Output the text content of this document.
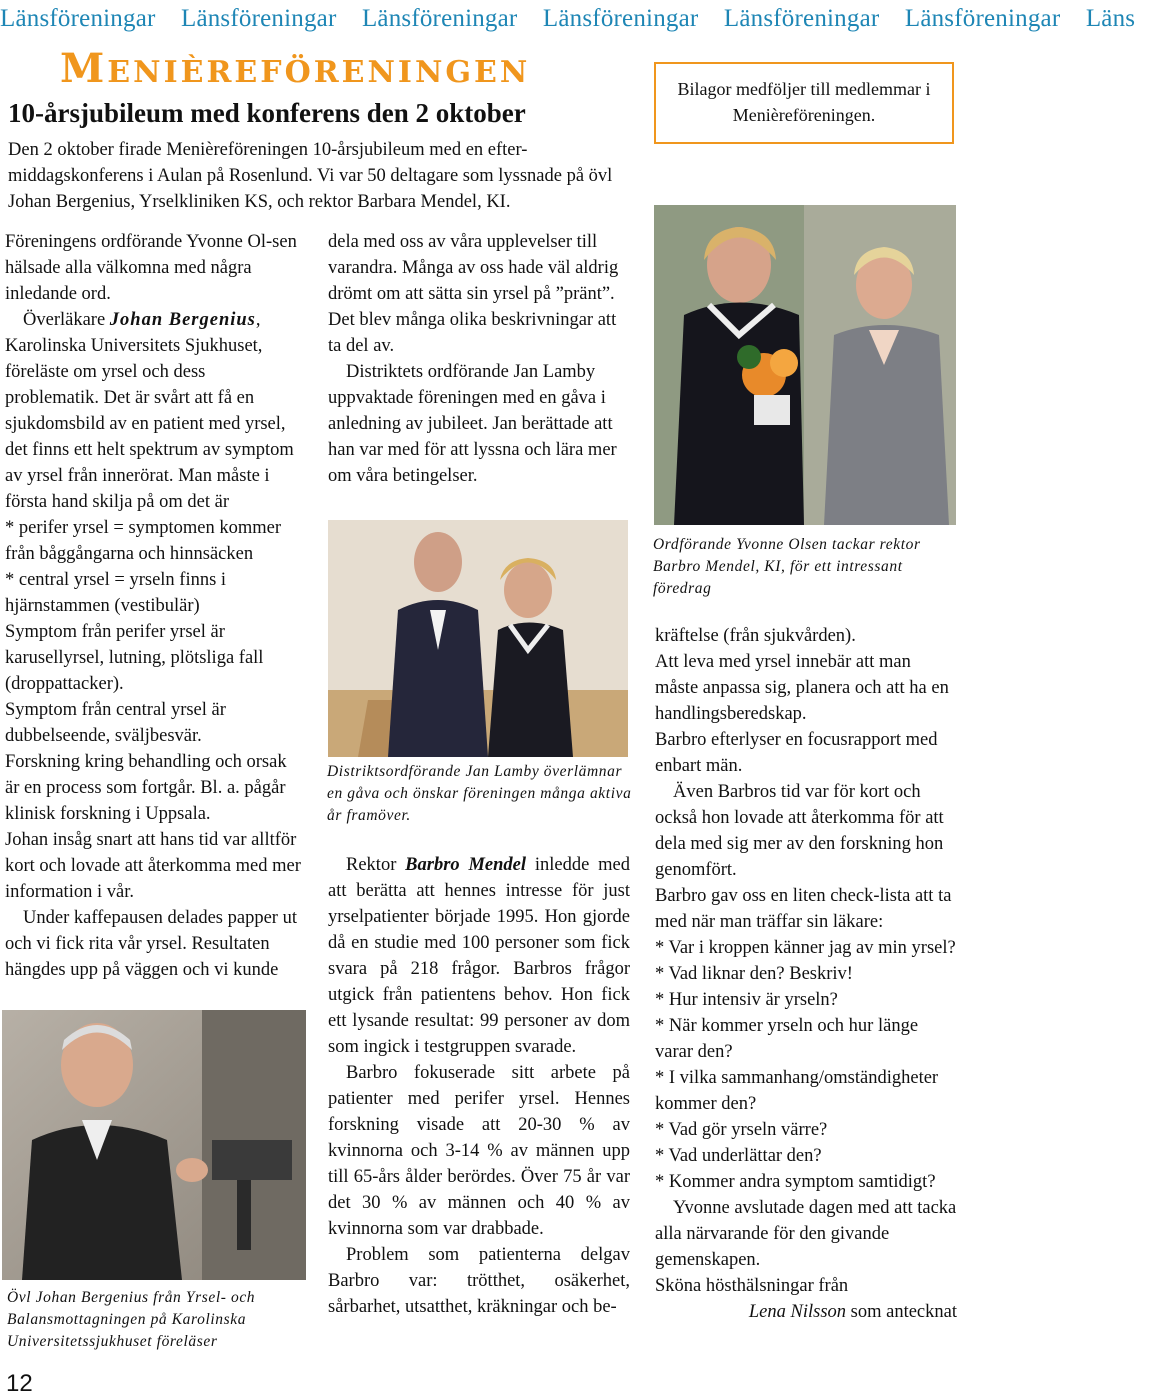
Länsföreningar Länsföreningar Länsföreningar Länsföreningar Länsföreningar Länsföreningar Läns
MENIÈREFÖRENINGEN
10-årsjubileum med konferens den 2 oktober
Den 2 oktober firade Menièreföreningen 10-årsjubileum med en efter-middagskonferens i Aulan på Rosenlund. Vi var 50 deltagare som lyssnade på övl Johan Bergenius, Yrselkliniken KS, och rektor Barbara Mendel, KI.
Bilagor medföljer till medlemmar i Menièreföreningen.

Föreningens ordförande Yvonne Ol-sen hälsade alla välkomna med några inledande ord.

Överläkare Johan Bergenius, Karolinska Universitets Sjukhuset, föreläste om yrsel och dess problematik. Det är svårt att få en sjukdomsbild av en patient med yrsel, det finns ett helt spektrum av symptom av yrsel från innerörat. Man måste i första hand skilja på om det är

* perifer yrsel = symptomen kommer från båggångarna och hinnsäcken

* central yrsel = yrseln finns i hjärnstammen (vestibulär)

Symptom från perifer yrsel är karusellyrsel, lutning, plötsliga fall (droppattacker).

Symptom från central yrsel är dubbelseende, sväljbesvär.

Forskning kring behandling och orsak är en process som fortgår. Bl. a. pågår klinisk forskning i Uppsala.

Johan insåg snart att hans tid var alltför kort och lovade att återkomma med mer information i vår.

Under kaffepausen delades papper ut och vi fick rita vår yrsel. Resultaten hängdes upp på väggen och vi kunde

Övl Johan Bergenius från Yrsel- och Balansmottagningen på Karolinska Universitetssjukhuset föreläser

dela med oss av våra upplevelser till varandra. Många av oss hade väl aldrig drömt om att sätta sin yrsel på ”pränt”. Det blev många olika beskrivningar att ta del av.

Distriktets ordförande Jan Lamby uppvaktade föreningen med en gåva i anledning av jubileet. Jan berättade att han var med för att lyssna och lära mer om våra betingelser.

Distriktsordförande Jan Lamby överlämnar en gåva och önskar föreningen många aktiva år framöver.

Rektor Barbro Mendel inledde med att berätta att hennes intresse för just yrselpatienter började 1995. Hon gjorde då en studie med 100 personer som fick svara på 218 frågor. Barbros frågor utgick från patientens behov. Hon fick ett lysande resultat: 99 personer av dom som ingick i testgruppen svarade.

Barbro fokuserade sitt arbete på patienter med perifer yrsel. Hennes forskning visade att 20-30 % av kvinnorna och 3-14 % av männen upp till 65-års ålder berördes. Över 75 år var det 30 % av männen och 40 % av kvinnorna som var drabbade.

Problem som patienterna delgav Barbro var: trötthet, osäkerhet, sårbarhet, utsatthet, kräkningar och be-

Ordförande Yvonne Olsen tackar rektor Barbro Mendel, KI, för ett intressant föredrag

kräftelse (från sjukvården).

Att leva med yrsel innebär att man måste anpassa sig, planera och att ha en handlingsberedskap.

Barbro efterlyser en focusrapport med enbart män.

Även Barbros tid var för kort och också hon lovade att återkomma för att dela med sig mer av den forskning hon genomfört.

Barbro gav oss en liten check-lista att ta med när man träffar sin läkare:

* Var i kroppen känner jag av min yrsel?

* Vad liknar den? Beskriv!

* Hur intensiv är yrseln?

* När kommer yrseln och hur länge varar den?

* I vilka sammanhang/omständigheter kommer den?

* Vad gör yrseln värre?

* Vad underlättar den?

* Kommer andra symptom samtidigt?

Yvonne avslutade dagen med att tacka alla närvarande för den givande gemenskapen.

Sköna hösthälsningar från

Lena Nilsson som antecknat

12
